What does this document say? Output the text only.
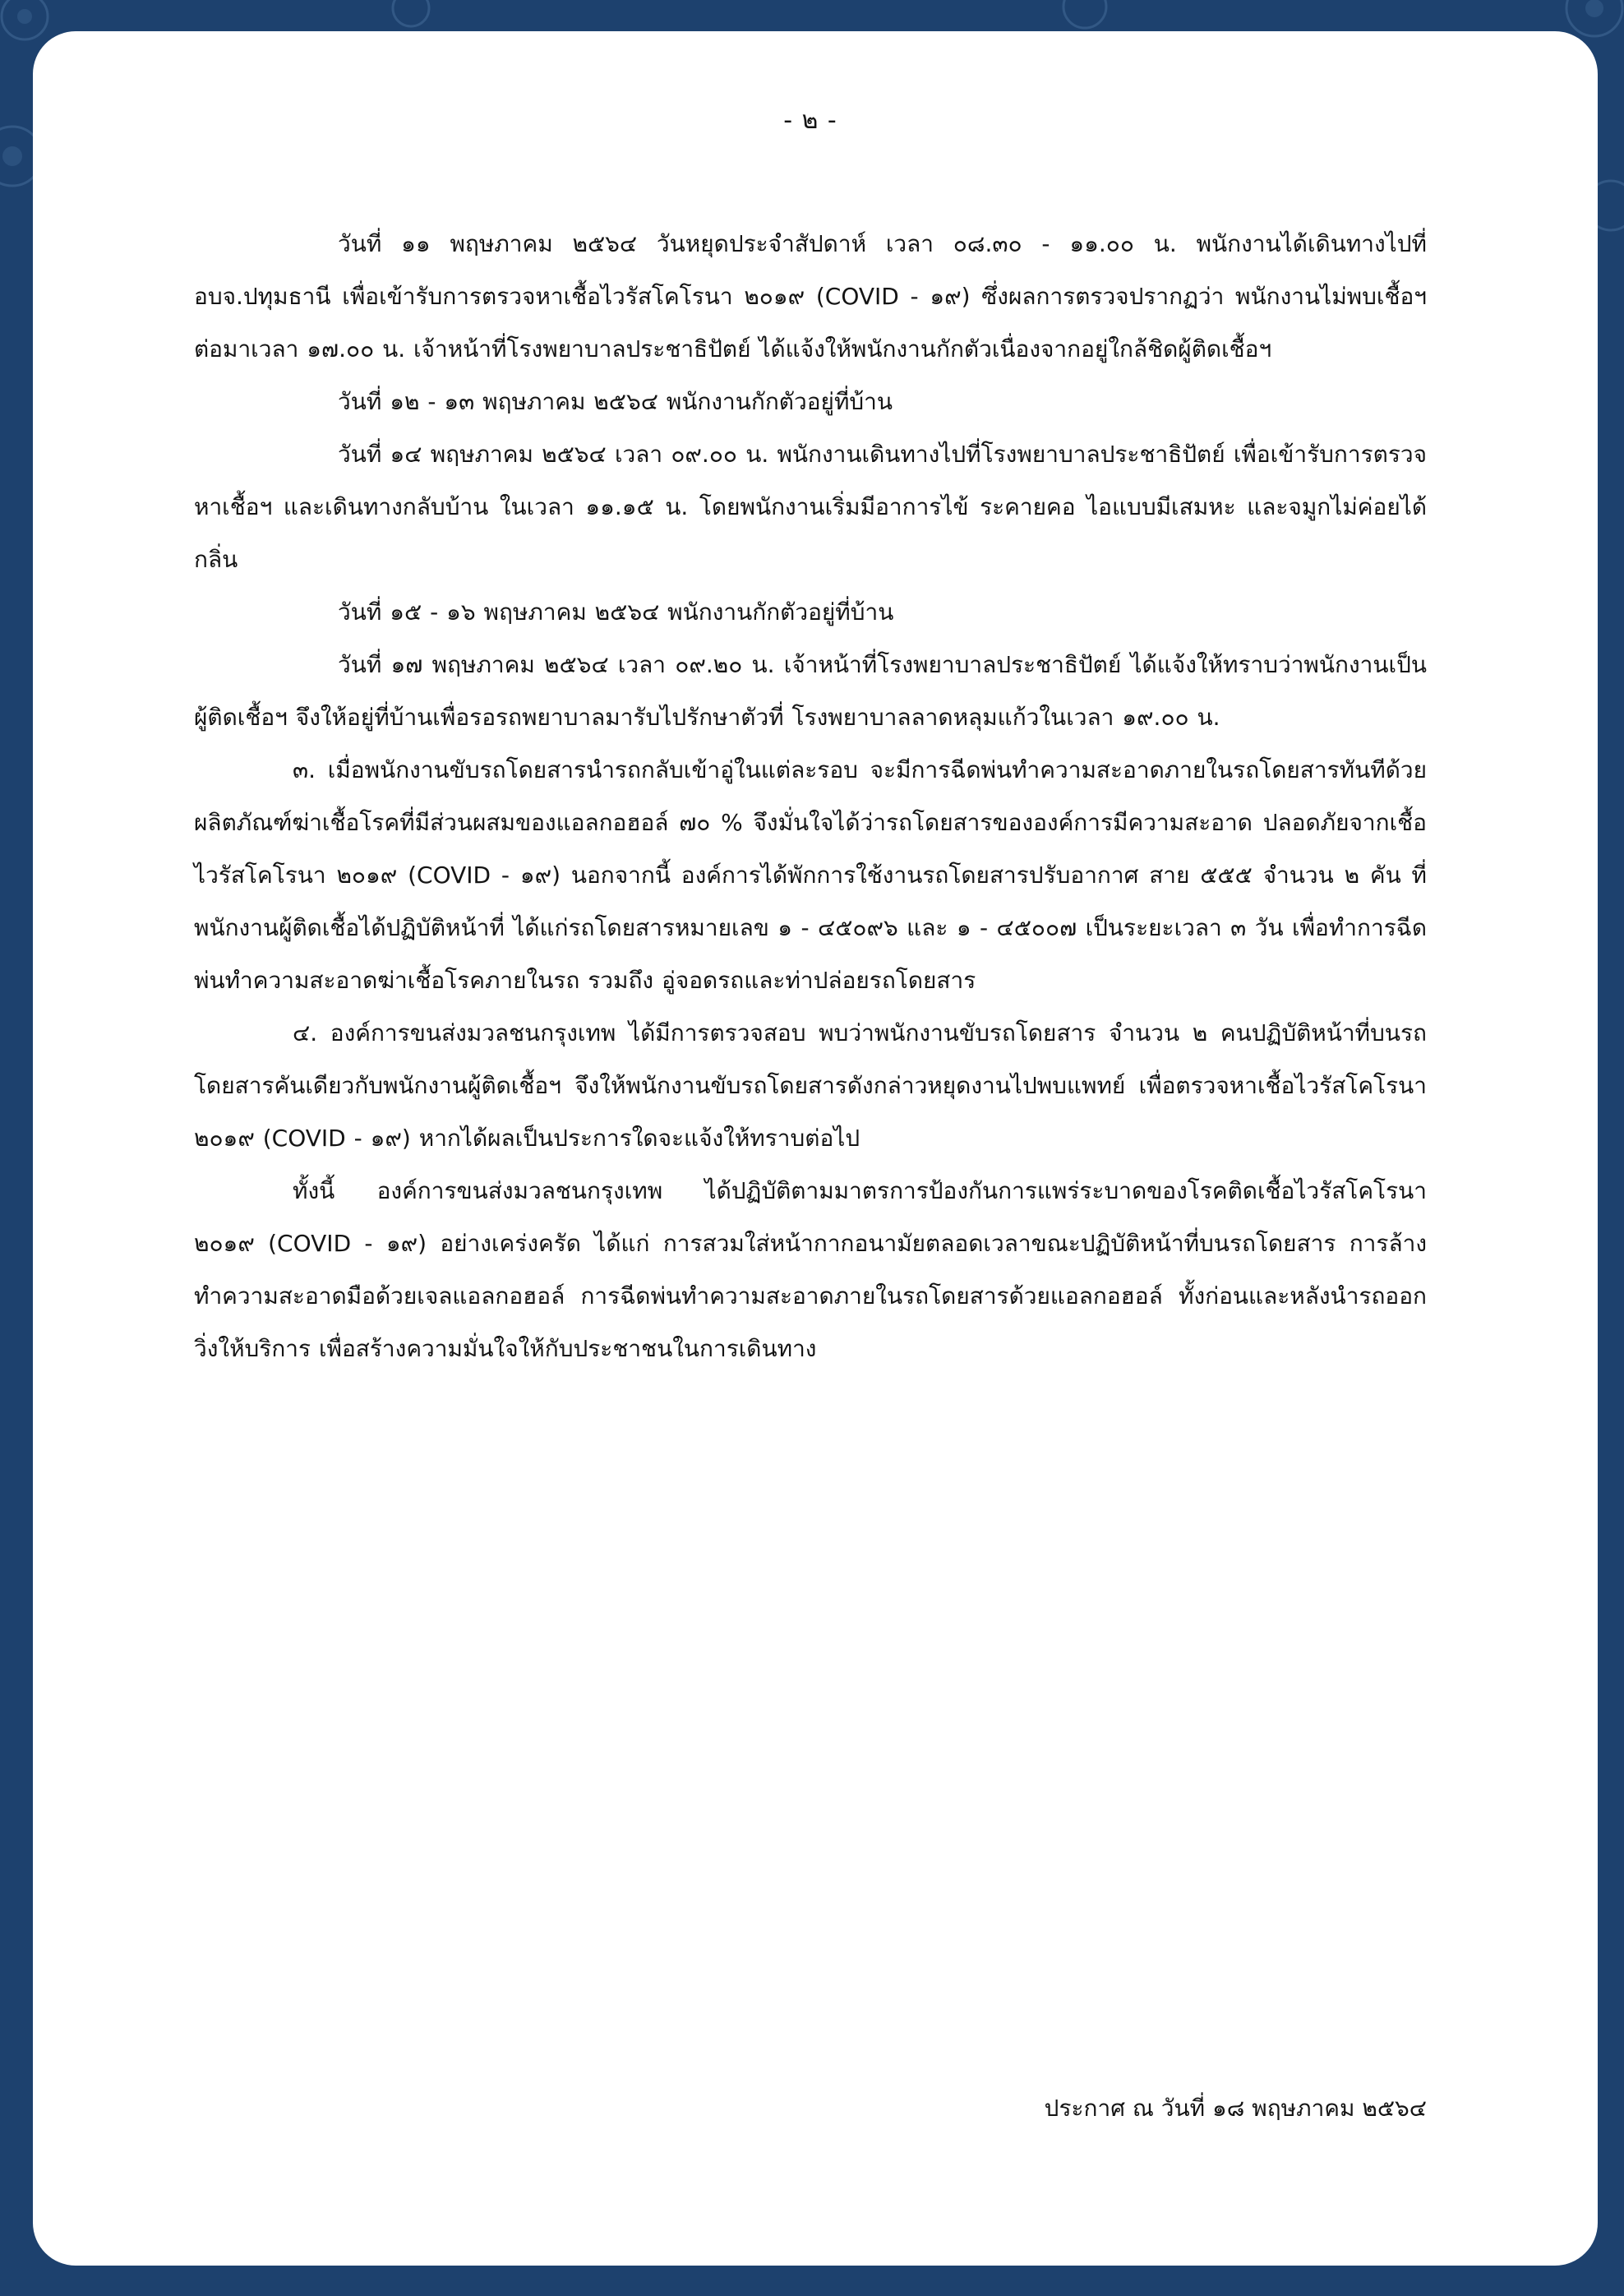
- ๒ -

วันที่ ๑๑ พฤษภาคม ๒๕๖๔ วันหยุดประจำสัปดาห์ เวลา ๐๘.๓๐ - ๑๑.๐๐ น. พนักงานได้เดินทางไปที่ อบจ.ปทุมธานี เพื่อเข้ารับการตรวจหาเชื้อไวรัสโคโรนา ๒๐๑๙ (COVID - ๑๙) ซึ่งผลการตรวจปรากฏว่า พนักงานไม่พบเชื้อฯ ต่อมาเวลา ๑๗.๐๐ น. เจ้าหน้าที่โรงพยาบาลประชาธิปัตย์ ได้แจ้งให้พนักงานกักตัวเนื่องจากอยู่ใกล้ชิดผู้ติดเชื้อฯ

วันที่ ๑๒ - ๑๓ พฤษภาคม ๒๕๖๔ พนักงานกักตัวอยู่ที่บ้าน

วันที่ ๑๔ พฤษภาคม ๒๕๖๔ เวลา ๐๙.๐๐ น. พนักงานเดินทางไปที่โรงพยาบาลประชาธิปัตย์ เพื่อเข้ารับการตรวจหาเชื้อฯ และเดินทางกลับบ้าน ในเวลา ๑๑.๑๕ น. โดยพนักงานเริ่มมีอาการไข้ ระคายคอ ไอแบบมีเสมหะ และจมูกไม่ค่อยได้กลิ่น

วันที่ ๑๕ - ๑๖ พฤษภาคม ๒๕๖๔ พนักงานกักตัวอยู่ที่บ้าน

วันที่ ๑๗ พฤษภาคม ๒๕๖๔ เวลา ๐๙.๒๐ น. เจ้าหน้าที่โรงพยาบาลประชาธิปัตย์ ได้แจ้งให้ทราบว่าพนักงานเป็นผู้ติดเชื้อฯ จึงให้อยู่ที่บ้านเพื่อรอรถพยาบาลมารับไปรักษาตัวที่ โรงพยาบาลลาดหลุมแก้วในเวลา ๑๙.๐๐ น.

๓. เมื่อพนักงานขับรถโดยสารนำรถกลับเข้าอู่ในแต่ละรอบ จะมีการฉีดพ่นทำความสะอาดภายในรถโดยสารทันทีด้วยผลิตภัณฑ์ฆ่าเชื้อโรคที่มีส่วนผสมของแอลกอฮอล์ ๗๐ % จึงมั่นใจได้ว่ารถโดยสารขององค์การมีความสะอาด ปลอดภัยจากเชื้อไวรัสโคโรนา ๒๐๑๙ (COVID - ๑๙) นอกจากนี้ องค์การได้พักการใช้งานรถโดยสารปรับอากาศ สาย ๕๕๕ จำนวน ๒ คัน ที่พนักงานผู้ติดเชื้อได้ปฏิบัติหน้าที่ ได้แก่รถโดยสารหมายเลข ๑ - ๔๕๐๙๖ และ ๑ - ๔๕๐๐๗ เป็นระยะเวลา ๓ วัน เพื่อทำการฉีดพ่นทำความสะอาดฆ่าเชื้อโรคภายในรถ รวมถึง อู่จอดรถและท่าปล่อยรถโดยสาร

๔. องค์การขนส่งมวลชนกรุงเทพ ได้มีการตรวจสอบ พบว่าพนักงานขับรถโดยสาร จำนวน ๒ คนปฏิบัติหน้าที่บนรถโดยสารคันเดียวกับพนักงานผู้ติดเชื้อฯ จึงให้พนักงานขับรถโดยสารดังกล่าวหยุดงานไปพบแพทย์ เพื่อตรวจหาเชื้อไวรัสโคโรนา ๒๐๑๙ (COVID - ๑๙) หากได้ผลเป็นประการใดจะแจ้งให้ทราบต่อไป

ทั้งนี้ องค์การขนส่งมวลชนกรุงเทพ ได้ปฏิบัติตามมาตรการป้องกันการแพร่ระบาดของโรคติดเชื้อไวรัสโคโรนา ๒๐๑๙ (COVID - ๑๙) อย่างเคร่งครัด ได้แก่ การสวมใส่หน้ากากอนามัยตลอดเวลาขณะปฏิบัติหน้าที่บนรถโดยสาร การล้างทำความสะอาดมือด้วยเจลแอลกอฮอล์ การฉีดพ่นทำความสะอาดภายในรถโดยสารด้วยแอลกอฮอล์ ทั้งก่อนและหลังนำรถออกวิ่งให้บริการ เพื่อสร้างความมั่นใจให้กับประชาชนในการเดินทาง

ประกาศ ณ วันที่ ๑๘ พฤษภาคม ๒๕๖๔
